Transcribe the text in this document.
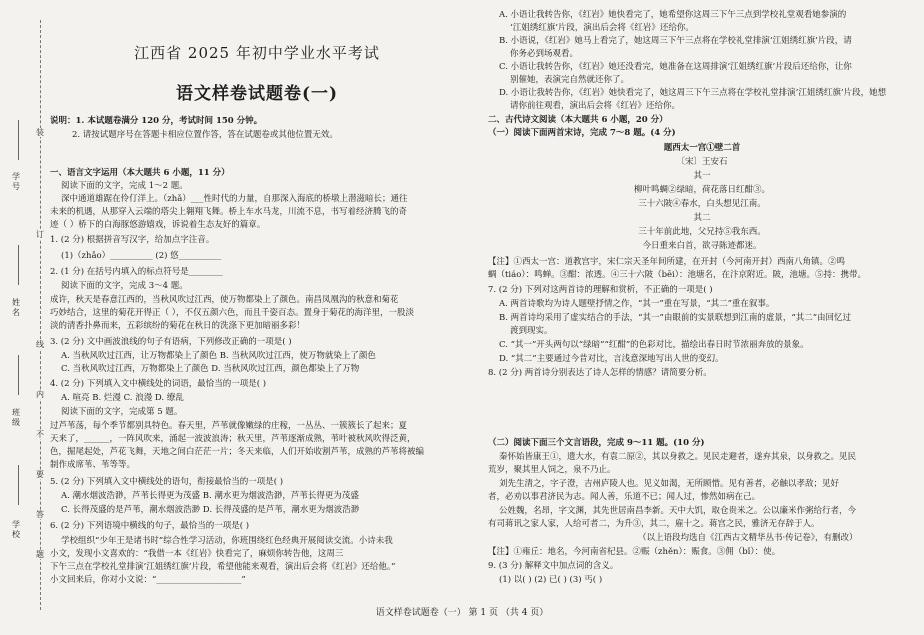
学号
姓名
班级
学校
装
订
线
内
不
要
答
题
江西省 2025 年初中学业水平考试
语文样卷试题卷(一)
说明：1. 本试题卷满分 120 分，考试时间 150 分钟。
2. 请按试题序号在答题卡相应位置作答，答在试题卷或其他位置无效。
一、语言文字运用（本大题共 6 小题，11 分）
阅读下面的文字，完成 1～2 题。
深中通道雄踞在伶仃洋上。（zhǎ）___性时代的力量，自那深入海底的桥墩上潜滋暗长；通往
未来的机遇，从那穿入云端的塔尖上翱翔飞舞。桥上车水马龙，川流不息，书写着经济腾飞的奇
迹（ ）桥下的白海豚悠游嬉戏，诉说着生态友好的篇章。
1. (2 分) 根据拼音写汉字，给加点字注音。
(1)（zhǎo）__________ (2) 悠__________
2. (1 分) 在括号内填入的标点符号是________
阅读下面的文字，完成 3～4 题。
成许，秋天是春意江西的，当秋风吹过江西，使万物都染上了颜色。南昌凤凰沟的秋意和菊花
巧妙结合，这里的菊花开得正（ ），不仅五颜六色，而且千姿百态。置身于菊花的海洋里，一股淡
淡的清香扑鼻而来，五彩缤纷的菊花在秋日的洗涤下更加暗丽多彩！
3. (2 分) 文中画波浪线的句子有语病，下列修改正确的一项是( )
A. 当秋风吹过江西，让万物都染上了颜色 B. 当秋风吹过江西，使万物就染上了颜色
C. 当秋风吹过江西，万物都染上了颜色 D. 当秋风吹过江西，颜色都染上了万物
4. (2 分) 下列填入文中横线处的词语，最恰当的一项是( )
A. 喧亮 B. 烂漫 C. 浪漫 D. 缭乱
阅读下面的文字，完成第 5 题。
过芦苇荡，每个季节都别具特色。春天里，芦苇就像嫩绿的庄稼，一丛丛、一簇簇长了起来；夏
天来了，______，一阵风吹来，涌起一波波浪涛；秋天里，芦苇逐渐成熟，苇叶被秋风吹得泛黄，
色，掘尾起处，芦花飞舞，天地之间白茫茫一片；冬天来临，人们开始收割芦苇，成熟的芦苇将被编
制作成席苇、苇等等。
5. (2 分) 下列填入文中横线处的语句，衔接最恰当的一项是( )
A. 潮水烟波浩渺，芦苇长得更为茂盛 B. 潮水更为烟波浩渺，芦苇长得更为茂盛
C. 长得茂盛的是芦苇，潮水烟波浩渺 D. 长得茂盛的是芦苇，潮水更为烟波浩渺
6. (2 分) 下列语境中横线的句子，最恰当的一项是( )
学校组织“少年王是诸书时”综合性学习活动，你班围绕红色经典开展阅读交流。小诗未我
小文，发现小文喜欢的：“我借一本《红岩》快看完了，麻烦你转告他，这周三
下午三点在学校礼堂排演‘江姐绣红旗’片段，希望他能来观看，演出后会将《红岩》还给他。”
小文回来后，你对小文说：“____________________”
A. 小语让我转告你，《红岩》她快看完了，她希望你这周三下午三点到学校礼堂观看她参演的
‘江姐绣红旗’片段，演出后会将《红岩》还给你。
B. 小语说，《红岩》她马上看完了，她这周三下午三点将在学校礼堂排演‘江姐绣红旗’片段，请
你务必到场观看。
C. 小语让我转告你，《红岩》她还没看完，她准备在这周排演‘江姐绣红旗’片段后还给你，让你
别催她，表演完自然就还你了。
D. 小语让我转告你，《红岩》她快看完了，她这周三下午三点将在学校礼堂排演‘江姐绣红旗’片段，她想
请你前往观看，演出后会将《红岩》还给你。
二、古代诗文阅读（本大题共 6 小题，20 分）
（一）阅读下面两首宋诗，完成 7～8 题。(4 分)
题西太一宫①壁二首
〔宋〕王安石
其一
柳叶鸣蜩②绿暗，荷花落日红酣③。
三十六陂④春水，白头想见江南。
其二
三十年前此地，父兄持⑤我东西。
今日重来白首，欲寻陈迹都迷。
【注】①西太一宫：道教宫宇，宋仁宗天圣年间所建，在开封（今河南开封）西南八角镇。②鸣
蜩（tiáo）：鸣蝉。③酣：浓透。④三十六陂（bēi）：池塘名，在汴京附近。陂，池塘。⑤持：携带。
7. (2 分) 下列对这两首诗的理解和赏析，不正确的一项是( )
A. 两首诗歌均为诗人题壁抒情之作，“其一”重在写景，“其二”重在叙事。
B. 两首诗均采用了虚实结合的手法，“其一”由眼前的实景联想到江南的虚景，“其二”由回忆过
渡到现实。
C. “其一”开头两句以“绿暗”“红酣”的色彩对比，描绘出春日时节浓丽奔放的景象。
D. “其二”主要通过今昔对比，言浅意深地写出人世的变幻。
8. (2 分) 两首诗分别表达了诗人怎样的情感？请简要分析。
（二）阅读下面三个文言语段，完成 9～11 题。(10 分)
秦怀始皆康王①，遗大水，有袁二原②，其以身救之。见民走避者，遂弃其泉，以身救之。见民
荒岁，聚其里人饲之，泉不乃止。
刘先生清之，字子澄，吉州庐陵人也。见义如渴，无所顾惜。见有善者，必触以孝敌；见好
者，必劝以事君济民为志。闻人善，乐道不已；闻人过，惨然如病在己。
公姓魏，名昂，字文渊，其先世居南昌李新。天中大饥，取仓贵米之。公以廉米作粥给行者，今
有司蒋讯之家人家，人给可者二，为升③，其二，雇十之。蒋宫之民，雅济无存辞于人。
（以上语段均选自《江西古文精华丛书·传记卷》，有删改）
【注】①雍丘：地名，今河南省杞县。②赈（zhěn）：赈食。③佣（bǐ）：使。
9. (3 分) 解释文中加点词的含义。
(1) 以( ) (2) 已( ) (3) 丐( )
语文样卷试题卷（一） 第 1 页 （共 4 页）
